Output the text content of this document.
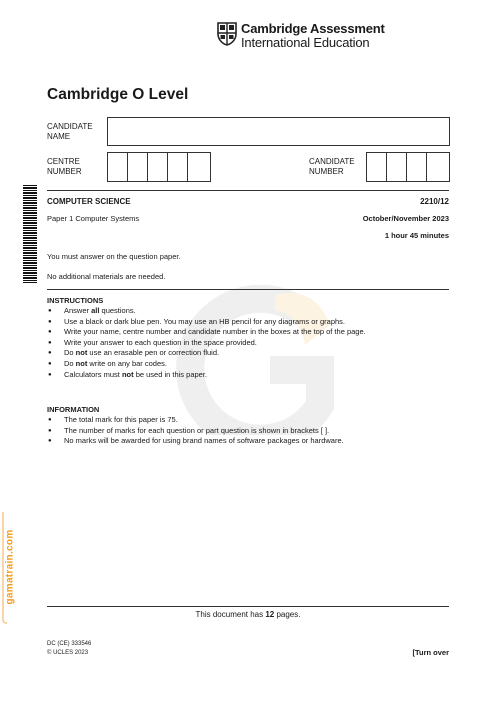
Cambridge Assessment
International Education
gamatrain.com
Cambridge O Level
CANDIDATE
NAME
CENTRE
NUMBER
CANDIDATE
NUMBER
COMPUTER SCIENCE	2210/12
Paper 1 Computer Systems	October/November 2023
1 hour 45 minutes
You must answer on the question paper.
No additional materials are needed.
INSTRUCTIONS
● Answer all questions.
● Use a black or dark blue pen. You may use an HB pencil for any diagrams or graphs.
● Write your name, centre number and candidate number in the boxes at the top of the page.
● Write your answer to each question in the space provided.
● Do not use an erasable pen or correction fluid.
● Do not write on any bar codes.
● Calculators must not be used in this paper.
INFORMATION
● The total mark for this paper is 75.
● The number of marks for each question or part question is shown in brackets [ ].
● No marks will be awarded for using brand names of software packages or hardware.
This document has 12 pages.
DC (CE) 333546
© UCLES 2023	[Turn over
